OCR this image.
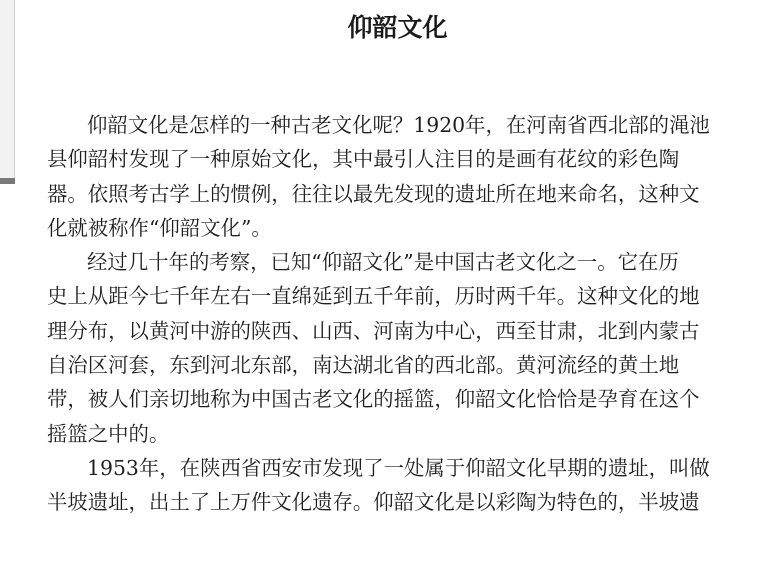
仰韶文化
仰韶文化是怎样的一种古老文化呢？1920年，在河南省西北部的渑池
县仰韶村发现了一种原始文化，其中最引人注目的是画有花纹的彩色陶
器。依照考古学上的惯例，往往以最先发现的遗址所在地来命名，这种文
化就被称作“仰韶文化”。
经过几十年的考察，已知“仰韶文化”是中国古老文化之一。它在历
史上从距今七千年左右一直绵延到五千年前，历时两千年。这种文化的地
理分布，以黄河中游的陕西、山西、河南为中心，西至甘肃，北到内蒙古
自治区河套，东到河北东部，南达湖北省的西北部。黄河流经的黄土地
带，被人们亲切地称为中国古老文化的摇篮，仰韶文化恰恰是孕育在这个
摇篮之中的。
1953年，在陕西省西安市发现了一处属于仰韶文化早期的遗址，叫做
半坡遗址，出土了上万件文化遗存。仰韶文化是以彩陶为特色的，半坡遗
